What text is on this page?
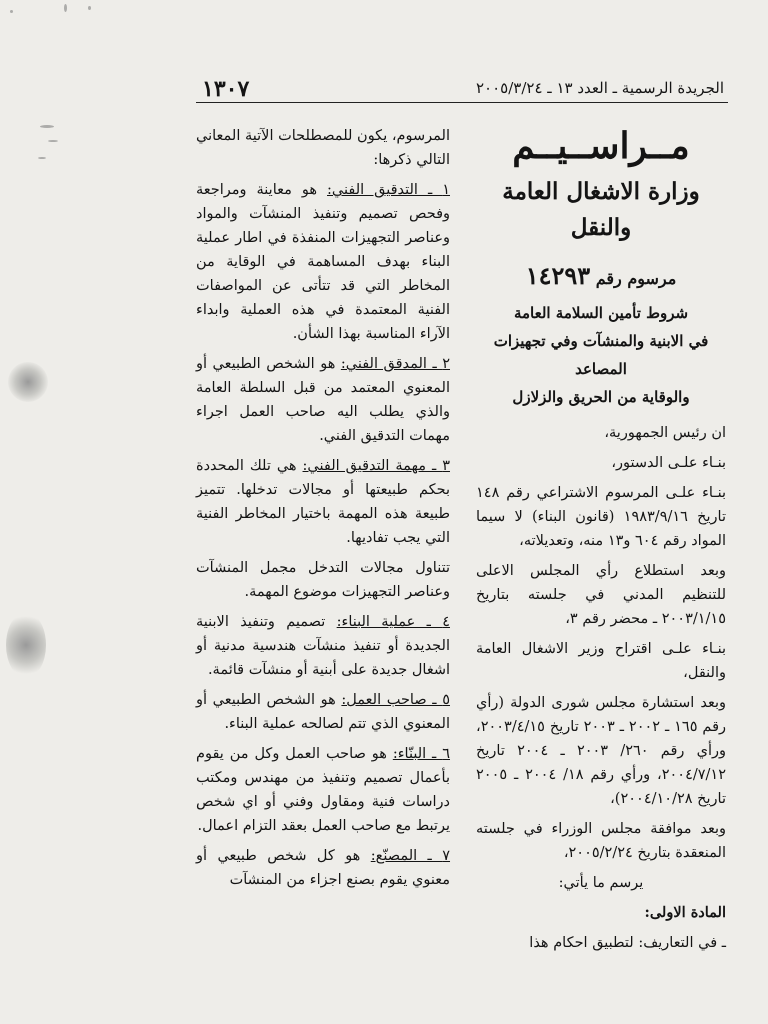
١٣٠٧	الجريدة الرسمية ـ العدد ١٣ ـ ٢٠٠٥/٣/٢٤
مــراســيــم
وزارة الاشغال العامة والنقل
مرسوم رقم ١٤٢٩٣
شروط تأمين السلامة العامة
في الابنية والمنشآت وفي تجهيزات
المصاعد
والوقاية من الحريق والزلازل

ان رئيس الجمهورية،

بنـاء علـى الدستور،

بنـاء علـى المرسوم الاشتراعي رقم ١٤٨ تاريخ ١٩٨٣/٩/١٦ (قانون البناء) لا سيما المواد رقم ٦٠٤ و١٣ منه، وتعديلاته،

وبعد استطلاع رأي المجلس الاعلى للتنظيم المدني في جلسته بتاريخ ٢٠٠٣/١/١٥ ـ محضر رقم ٣،

بنـاء علـى اقتراح وزير الاشغال العامة والنقل،

وبعد استشارة مجلس شورى الدولة (رأي رقم ١٦٥ ـ ٢٠٠٢ ـ ٢٠٠٣ تاريخ ٢٠٠٣/٤/١٥، ورأي رقم ٢٦٠/ ٢٠٠٣ ـ ٢٠٠٤ تاريخ ٢٠٠٤/٧/١٢، ورأي رقم ١٨/ ٢٠٠٤ ـ ٢٠٠٥ تاريخ ٢٠٠٤/١٠/٢٨)،

وبعد موافقة مجلس الوزراء في جلسته المنعقدة بتاريخ ٢٠٠٥/٢/٢٤،

يرسم ما يأتي:

المادة الاولى:

ـ في التعاريف: لتطبيق احكام هذا

المرسوم، يكون للمصطلحات الآتية المعاني التالي ذكرها:

١ ـ التدقيق الفني: هو معاينة ومراجعة وفحص تصميم وتنفيذ المنشآت والمواد وعناصر التجهيزات المنفذة في اطار عملية البناء بهدف المساهمة في الوقاية من المخاطر التي قد تتأتى عن المواصفات الفنية المعتمدة في هذه العملية وابداء الآراء المناسبة بهذا الشأن.

٢ ـ المدقق الفني: هو الشخص الطبيعي أو المعنوي المعتمد من قبل السلطة العامة والذي يطلب اليه صاحب العمل اجراء مهمات التدقيق الفني.

٣ ـ مهمة التدقيق الفني: هي تلك المحددة بحكم طبيعتها أو مجالات تدخلها. تتميز طبيعة هذه المهمة باختيار المخاطر الفنية التي يجب تفاديها.

تتناول مجالات التدخل مجمل المنشآت وعناصر التجهيزات موضوع المهمة.

٤ ـ عملية البناء: تصميم وتنفيذ الابنية الجديدة أو تنفيذ منشآت هندسية مدنية أو اشغال جديدة على أبنية أو منشآت قائمة.

٥ ـ صاحب العمل: هو الشخص الطبيعي أو المعنوي الذي تتم لصالحه عملية البناء.

٦ ـ البنّاء: هو صاحب العمل وكل من يقوم بأعمال تصميم وتنفيذ من مهندس ومكتب دراسات فنية ومقاول وفني أو اي شخص يرتبط مع صاحب العمل بعقد التزام اعمال.

٧ ـ المصنّع: هو كل شخص طبيعي أو معنوي يقوم بصنع اجزاء من المنشآت
